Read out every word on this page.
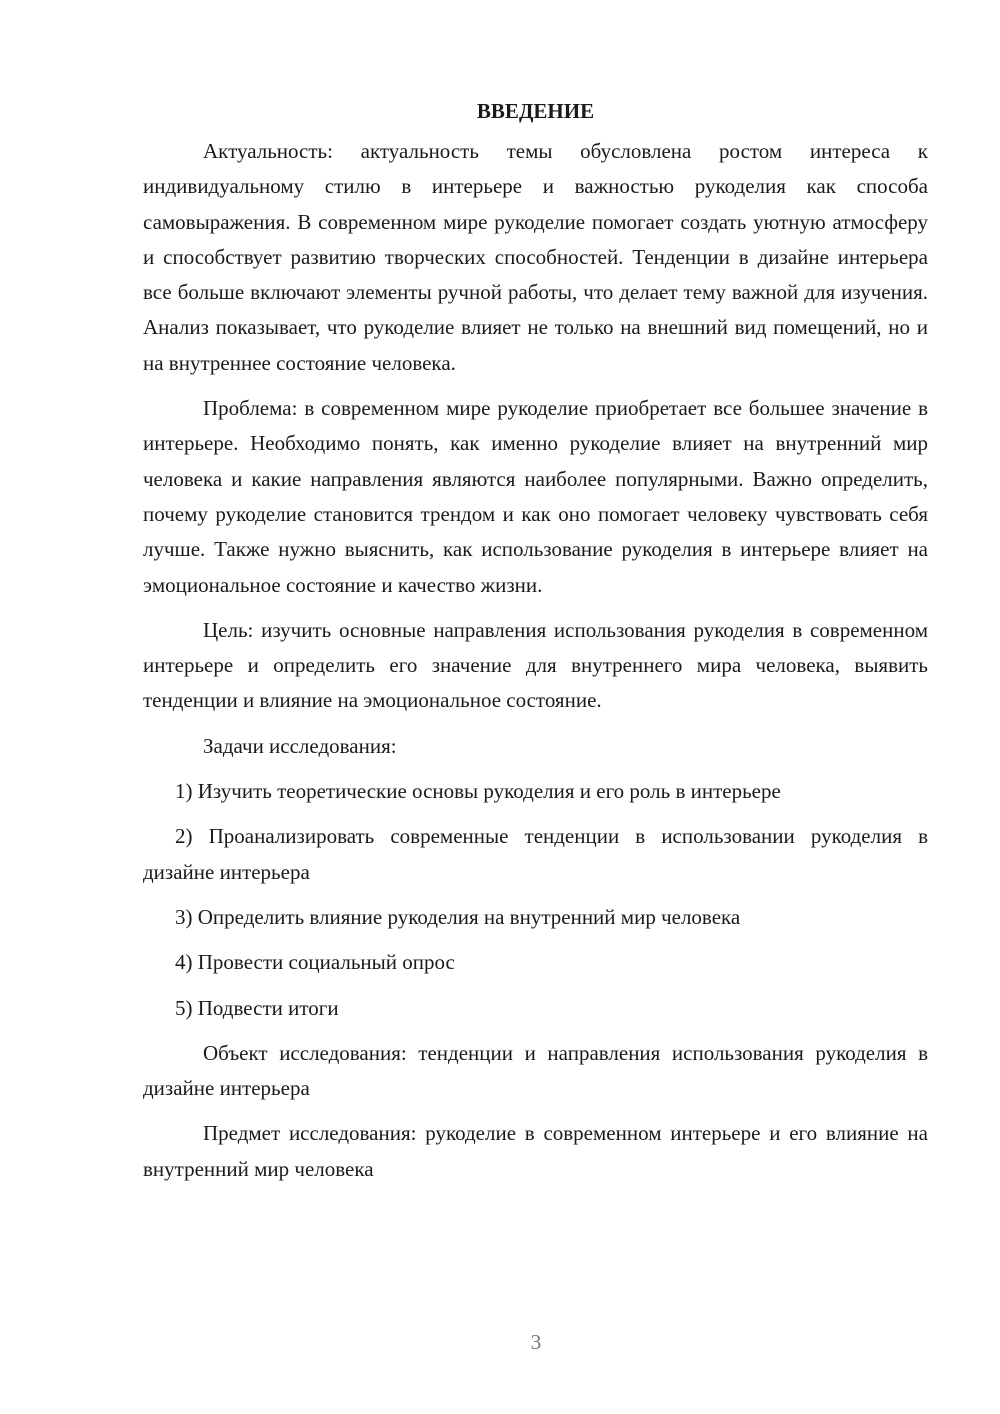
ВВЕДЕНИЕ

Актуальность: актуальность темы обусловлена ростом интереса к индивидуальному стилю в интерьере и важностью рукоделия как способа самовыражения. В современном мире рукоделие помогает создать уютную атмосферу и способствует развитию творческих способностей. Тенденции в дизайне интерьера все больше включают элементы ручной работы, что делает тему важной для изучения. Анализ показывает, что рукоделие влияет не только на внешний вид помещений, но и на внутреннее состояние человека.

Проблема: в современном мире рукоделие приобретает все большее значение в интерьере. Необходимо понять, как именно рукоделие влияет на внутренний мир человека и какие направления являются наиболее популярными. Важно определить, почему рукоделие становится трендом и как оно помогает человеку чувствовать себя лучше. Также нужно выяснить, как использование рукоделия в интерьере влияет на эмоциональное состояние и качество жизни.

Цель: изучить основные направления использования рукоделия в современном интерьере и определить его значение для внутреннего мира человека, выявить тенденции и влияние на эмоциональное состояние.

Задачи исследования:

1) Изучить теоретические основы рукоделия и его роль в интерьере

2) Проанализировать современные тенденции в использовании рукоделия в дизайне интерьера

3) Определить влияние рукоделия на внутренний мир человека

4) Провести социальный опрос

5) Подвести итоги

Объект исследования: тенденции и направления использования рукоделия в дизайне интерьера

Предмет исследования: рукоделие в современном интерьере и его влияние на внутренний мир человека

3
